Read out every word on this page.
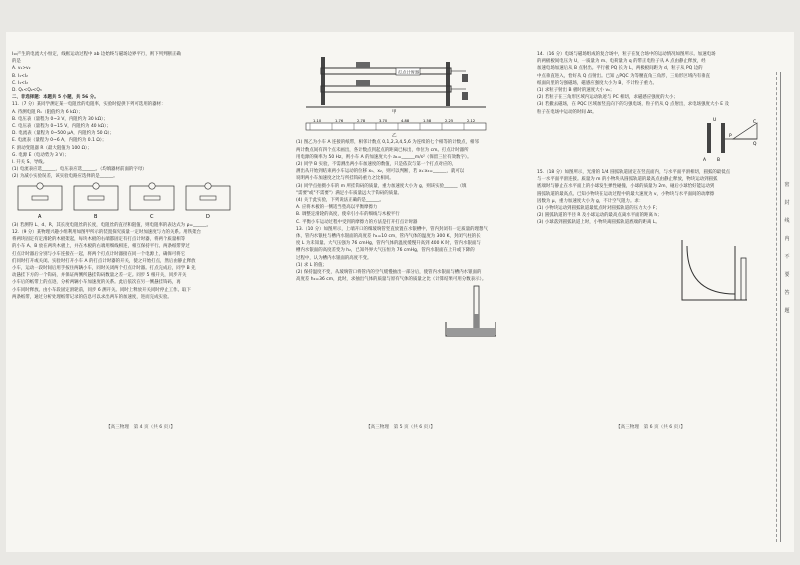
I₁₀产生的电流大小恒定，线框运动过程中 ab 边始终与磁场边界平行，则下列判断正确

的是

A. v₁>v₂

B. I₁<I₂

C. I₁<I₂

D. Q₁<Q₂<Q₃

二、非选择题：本题共 5 小题，共 56 分。

11.（7 分）某同学测定某一电阻丝的电阻率，实验时提供下列可选用的器材：

A. 待测电阻 Rₓ（阻值约为 6 kΩ）；

B. 电压表（量程为 0~3 V，内阻约为 30 kΩ）；

C. 电压表（量程为 0~15 V，内阻约为 40 kΩ）；

D. 电流表（量程为 0~500 μA，内阻约为 50 Ω）；

E. 电流表（量程为 0~6 A，内阻约为 0.1 Ω）；

F. 滑动变阻器 R（最大阻值为 100 Ω）；

G. 电源 E（电动势为 3 V）；

I. 开关 S、导线。

(1) 电流表应选______，电压表应选______。（均填器材前面的字母）

(2) 为减小实验误差，该实验电路应选择的是______。

A	B	C	D

(3) 若测得 L、d、R，其长度电阻丝的长度，电阻丝的直径和阻值，则电阻率的表达式为 ρ=______。

12.（9 分）某物理兴趣小组利用如图甲所示的装置探究质量一定时加速度与力的关系。用铁架台

将两块固定有定滑轮的木板架起，每块木板的右端都固定有打点计时器，将两个质量相等

的小车 A、B 放在两块木板上，并在木板的右端用细线相连，相互保持平行。两条纸带穿过

打点计时器后分别与小车连接在一起，将两个打点计时器接在同一个电源上，确保可将它

们同时打开或关闭。实验时打开小车 A 的打点计时器的开关，使之开始打点，然后由静止释放

小车，运动一段时间后用手按住两辆小车，同时关闭两个打点计时器。打点完成后，同学 B 先

动悬挂下方的一个钩码，并保证两侧所悬挂钩码数量之差一定。同步 5 根开关，同步开关

小车后的纸带上的点迹，分析两辆小车加速度的关系。此后依次在另一侧悬挂钩码，再

小车同时释放。由小车段固定滑轮前，同步 6 测开关。同时上释放开关同时停止工作。取下

两条纸带，通过分析处理纸带记录的信息可以求出两车的加速度，进而完成实验。

打点计时器
甲

1.10	1.76	2.78	3.70	4.88	1.58	2.25	2.12
乙

(1) 图乙为小车 A 连接的纸带，相邻计数点 0,1,2,3,4,5,6 为连续的七个相等的计数点，相邻

两计数点间有四个点未画出，各计数点到起点的距离已标出，单位为 cm。打点计时器所

用电源的频率为 50 Hz，则小车 A 的加速度大小 a₁=______m/s²（保留三位有效数字）。

(2) 同学 B 实验，不需测出两小车加速度的数值，只是依次与第一个打点对应的，

测出从开始到结束两小车运动的位移 x₁、x₂，则可以判断，若 x₁:x₂=______，就可以

说明两小车加速度之比与所挂钩码重力之比相同。

(3) 同学点拍摄小车的 m 所挂钩码的质量，重力加速度大小为 g，则该实验______（填

"需要"或"不需要"）满足小车质量远大于钩码的质量。

(4) 关于此实验，下列说法正确的是______。

A. 应将木板的一侧适当垫高以平衡摩擦力

B. 调整定滑轮的高度，使牵引小车的细线与木板平行

C. 平衡小车运动过程中受到的摩擦力的方法是打开打点计时器

13.（10 分）如图所示，上端开口的细玻璃管竖直放置在水银槽中，管内封闭有一定质量的理想气

体，管内水银柱与槽内水银面的高度差 h₁=10 cm，管内气体的温度为 300 K，封闭气柱的长

度 L 为未知量。大气压强为 76 cmHg，管内气体的温度缓慢升高到 400 K 时，管内水银面与

槽内水银面的高度差变为 h₂，已知外界大气压恒为 76 cmHg，管内水银面在上升或下降的

过程中，认为槽内水银面的高度不变。

(1) 求 L 的值；

(2) 保持温度不变，从玻璃管口将管内的空气缓慢抽出一部分后，使管内水银面与槽内水银面的

高度差 h₂=36 cm，此时，求抽出气体的质量与原有气体的质量之比（计算结果可用分数表示）。

14.（16 分）电场与磁场组成的复合场中，粒子在复合场中的运动情况如图所示。加速电场

的两极板间电压为 U，一质量为 m、电荷量为 q 的带正电粒子从 A 点由静止释放，经

加速电场加速后从 B 点射出。平行板 PQ 长为 L，两极板间距为 d，粒子从 PQ 边的

中点垂直进入，恰好从 Q 点射出。已知 △PQC 为等腰直角三角形，三角形区域内有垂直

纸面向里的匀强磁场，磁感应强度大小为 B，不计粒子重力。

(1) 求粒子射出 B 板时的速度大小 v₀；

(2) 若粒子在三角形区域内运动轨迹与 PC 相切，求磁感应强度的大小；

(3) 若撤去磁场，在 PQC 区域加竖直向下的匀强电场，粒子仍从 Q 点射出，求电场强度大小 E 及

粒子在电场中运动的时间 Δt。

A B
P
Q
C
U

15.（18 分）如图所示，光滑的 1/4 圆弧轨道固定在竖直面内，与水平面平滑相切，圆弧的最低点

与一水平面平滑连接。质量为 m 的小物块从圆弧轨道的最高点由静止释放，物块运动到圆弧

底端时与静止在水平面上的小球发生弹性碰撞，小球的质量为 2m，碰后小球恰好能运动到

圆弧轨道的最高点。已知小物块在运动过程中的最大速度为 v，小物块与水平面间的动摩擦

因数为 μ，重力加速度大小为 g，不计空气阻力。求：

(1) 小物块运动到圆弧轨道最低点时对圆弧轨道的压力大小 F；

(2) 圆弧轨道的半径 R 及小球运动的最高点离水平面的距离 h；

(3) 小球落到圆弧轨道上时，小物块离圆弧轨道底端的距离 L。

【高三物理　第 4 页（共 6 页）】	【高三物理　第 5 页（共 6 页）】	【高三物理　第 6 页（共 6 页）】
密
封
线
内
不
要
答
题
